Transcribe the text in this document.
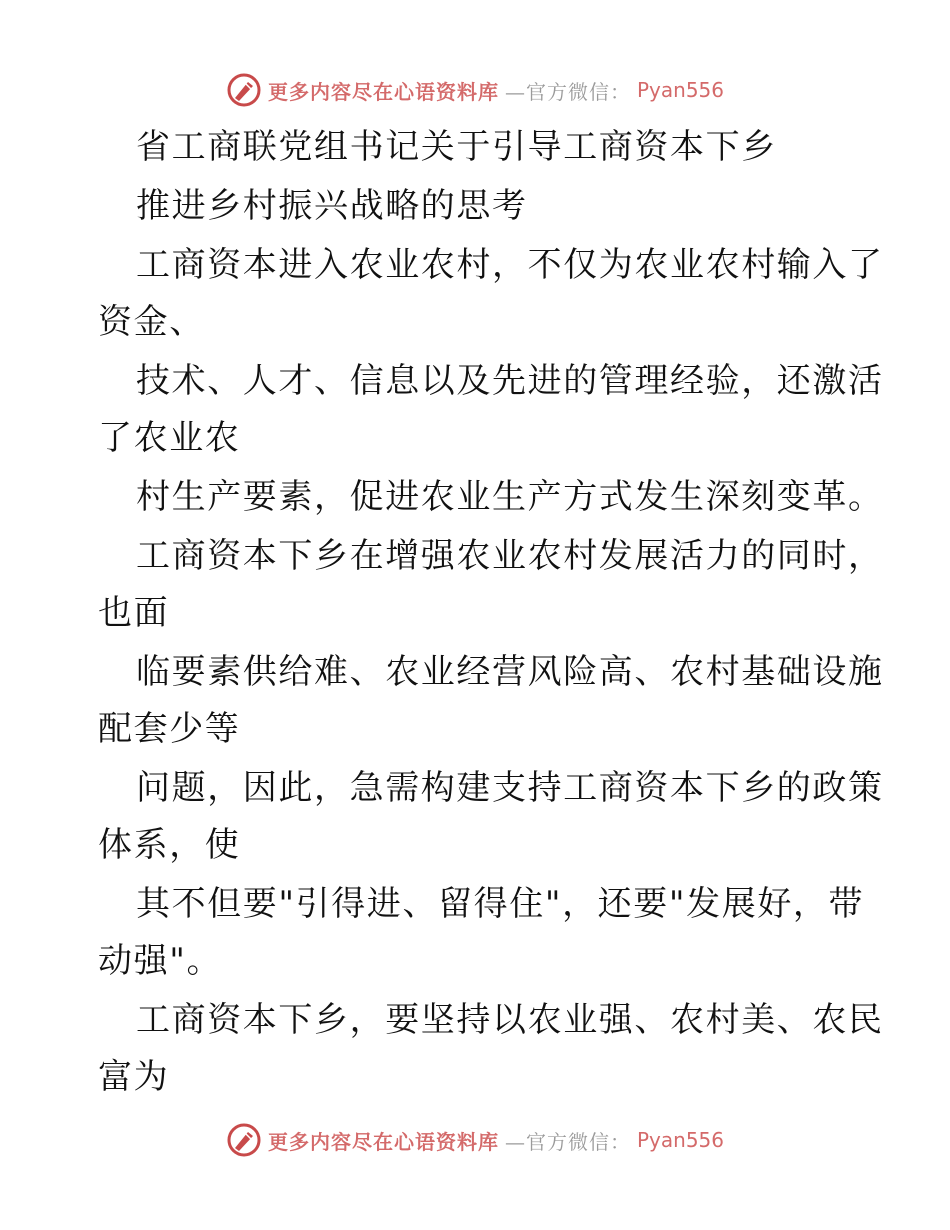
更多内容尽在心语资料库 —官方微信： Pyan556
省工商联党组书记关于引导工商资本下乡
推进乡村振兴战略的思考
工商资本进入农业农村，不仅为农业农村输入了
资金、
技术、人才、信息以及先进的管理经验，还激活
了农业农
村生产要素，促进农业生产方式发生深刻变革。
工商资本下乡在增强农业农村发展活力的同时，
也面
临要素供给难、农业经营风险高、农村基础设施
配套少等
问题，因此，急需构建支持工商资本下乡的政策
体系，使
其不但要"引得进、留得住"，还要"发展好，带
动强"。
工商资本下乡，要坚持以农业强、农村美、农民
富为
更多内容尽在心语资料库 —官方微信： Pyan556
